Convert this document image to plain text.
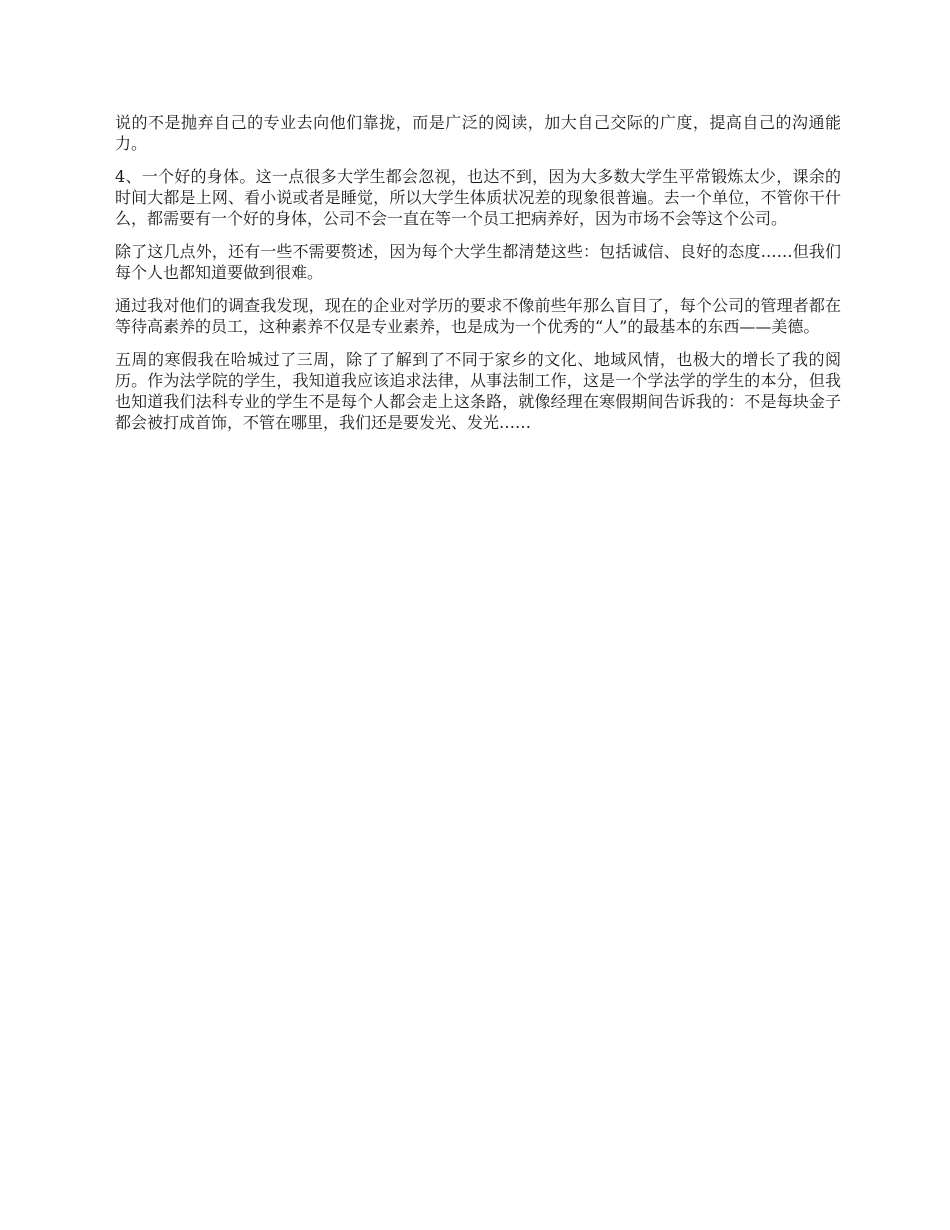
说的不是抛弃自己的专业去向他们靠拢，而是广泛的阅读，加大自己交际的广度，提高自己的沟通能力。

4、一个好的身体。这一点很多大学生都会忽视，也达不到，因为大多数大学生平常锻炼太少，课余的时间大都是上网、看小说或者是睡觉，所以大学生体质状况差的现象很普遍。去一个单位，不管你干什么，都需要有一个好的身体，公司不会一直在等一个员工把病养好，因为市场不会等这个公司。

除了这几点外，还有一些不需要赘述，因为每个大学生都清楚这些：包括诚信、良好的态度……但我们每个人也都知道要做到很难。

通过我对他们的调查我发现，现在的企业对学历的要求不像前些年那么盲目了，每个公司的管理者都在等待高素养的员工，这种素养不仅是专业素养，也是成为一个优秀的“人”的最基本的东西——美德。

五周的寒假我在哈城过了三周，除了了解到了不同于家乡的文化、地域风情，也极大的增长了我的阅历。作为法学院的学生，我知道我应该追求法律，从事法制工作，这是一个学法学的学生的本分，但我也知道我们法科专业的学生不是每个人都会走上这条路，就像经理在寒假期间告诉我的：不是每块金子都会被打成首饰，不管在哪里，我们还是要发光、发光……
